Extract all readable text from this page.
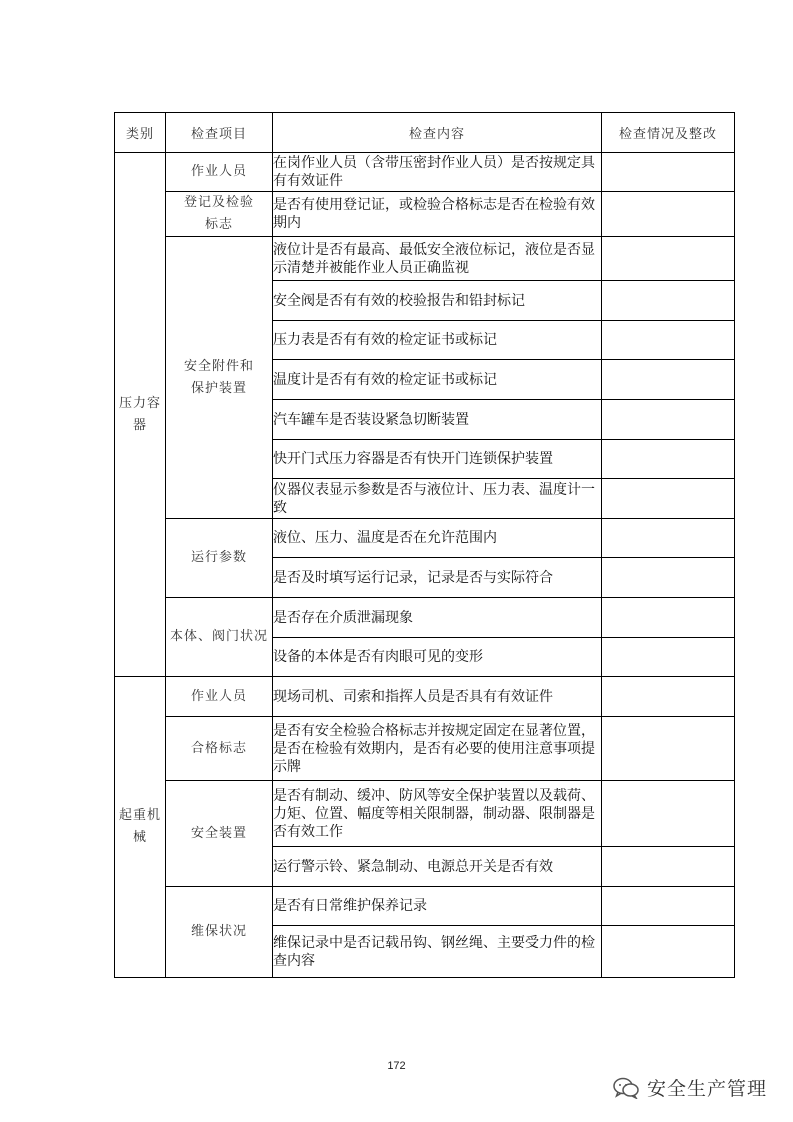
类别	检查项目	检查内容	检查情况及整改
压力容器	作业人员	在岗作业人员（含带压密封作业人员）是否按规定具有有效证件	
	登记及检验标志	是否有使用登记证，或检验合格标志是否在检验有效期内	
	安全附件和保护装置	液位计是否有最高、最低安全液位标记，液位是否显示清楚并被能作业人员正确监视	
		安全阀是否有有效的校验报告和铅封标记	
		压力表是否有有效的检定证书或标记	
		温度计是否有有效的检定证书或标记	
		汽车罐车是否装设紧急切断装置	
		快开门式压力容器是否有快开门连锁保护装置	
		仪器仪表显示参数是否与液位计、压力表、温度计一致	
	运行参数	液位、压力、温度是否在允许范围内	
		是否及时填写运行记录，记录是否与实际符合	
	本体、阀门状况	是否存在介质泄漏现象	
		设备的本体是否有肉眼可见的变形	
起重机械	作业人员	现场司机、司索和指挥人员是否具有有效证件	
	合格标志	是否有安全检验合格标志并按规定固定在显著位置，是否在检验有效期内，是否有必要的使用注意事项提示牌	
	安全装置	是否有制动、缓冲、防风等安全保护装置以及载荷、力矩、位置、幅度等相关限制器，制动器、限制器是否有效工作	
		运行警示铃、紧急制动、电源总开关是否有效	
	维保状况	是否有日常维护保养记录	
		维保记录中是否记载吊钩、钢丝绳、主要受力件的检查内容	
172
安全生产管理
